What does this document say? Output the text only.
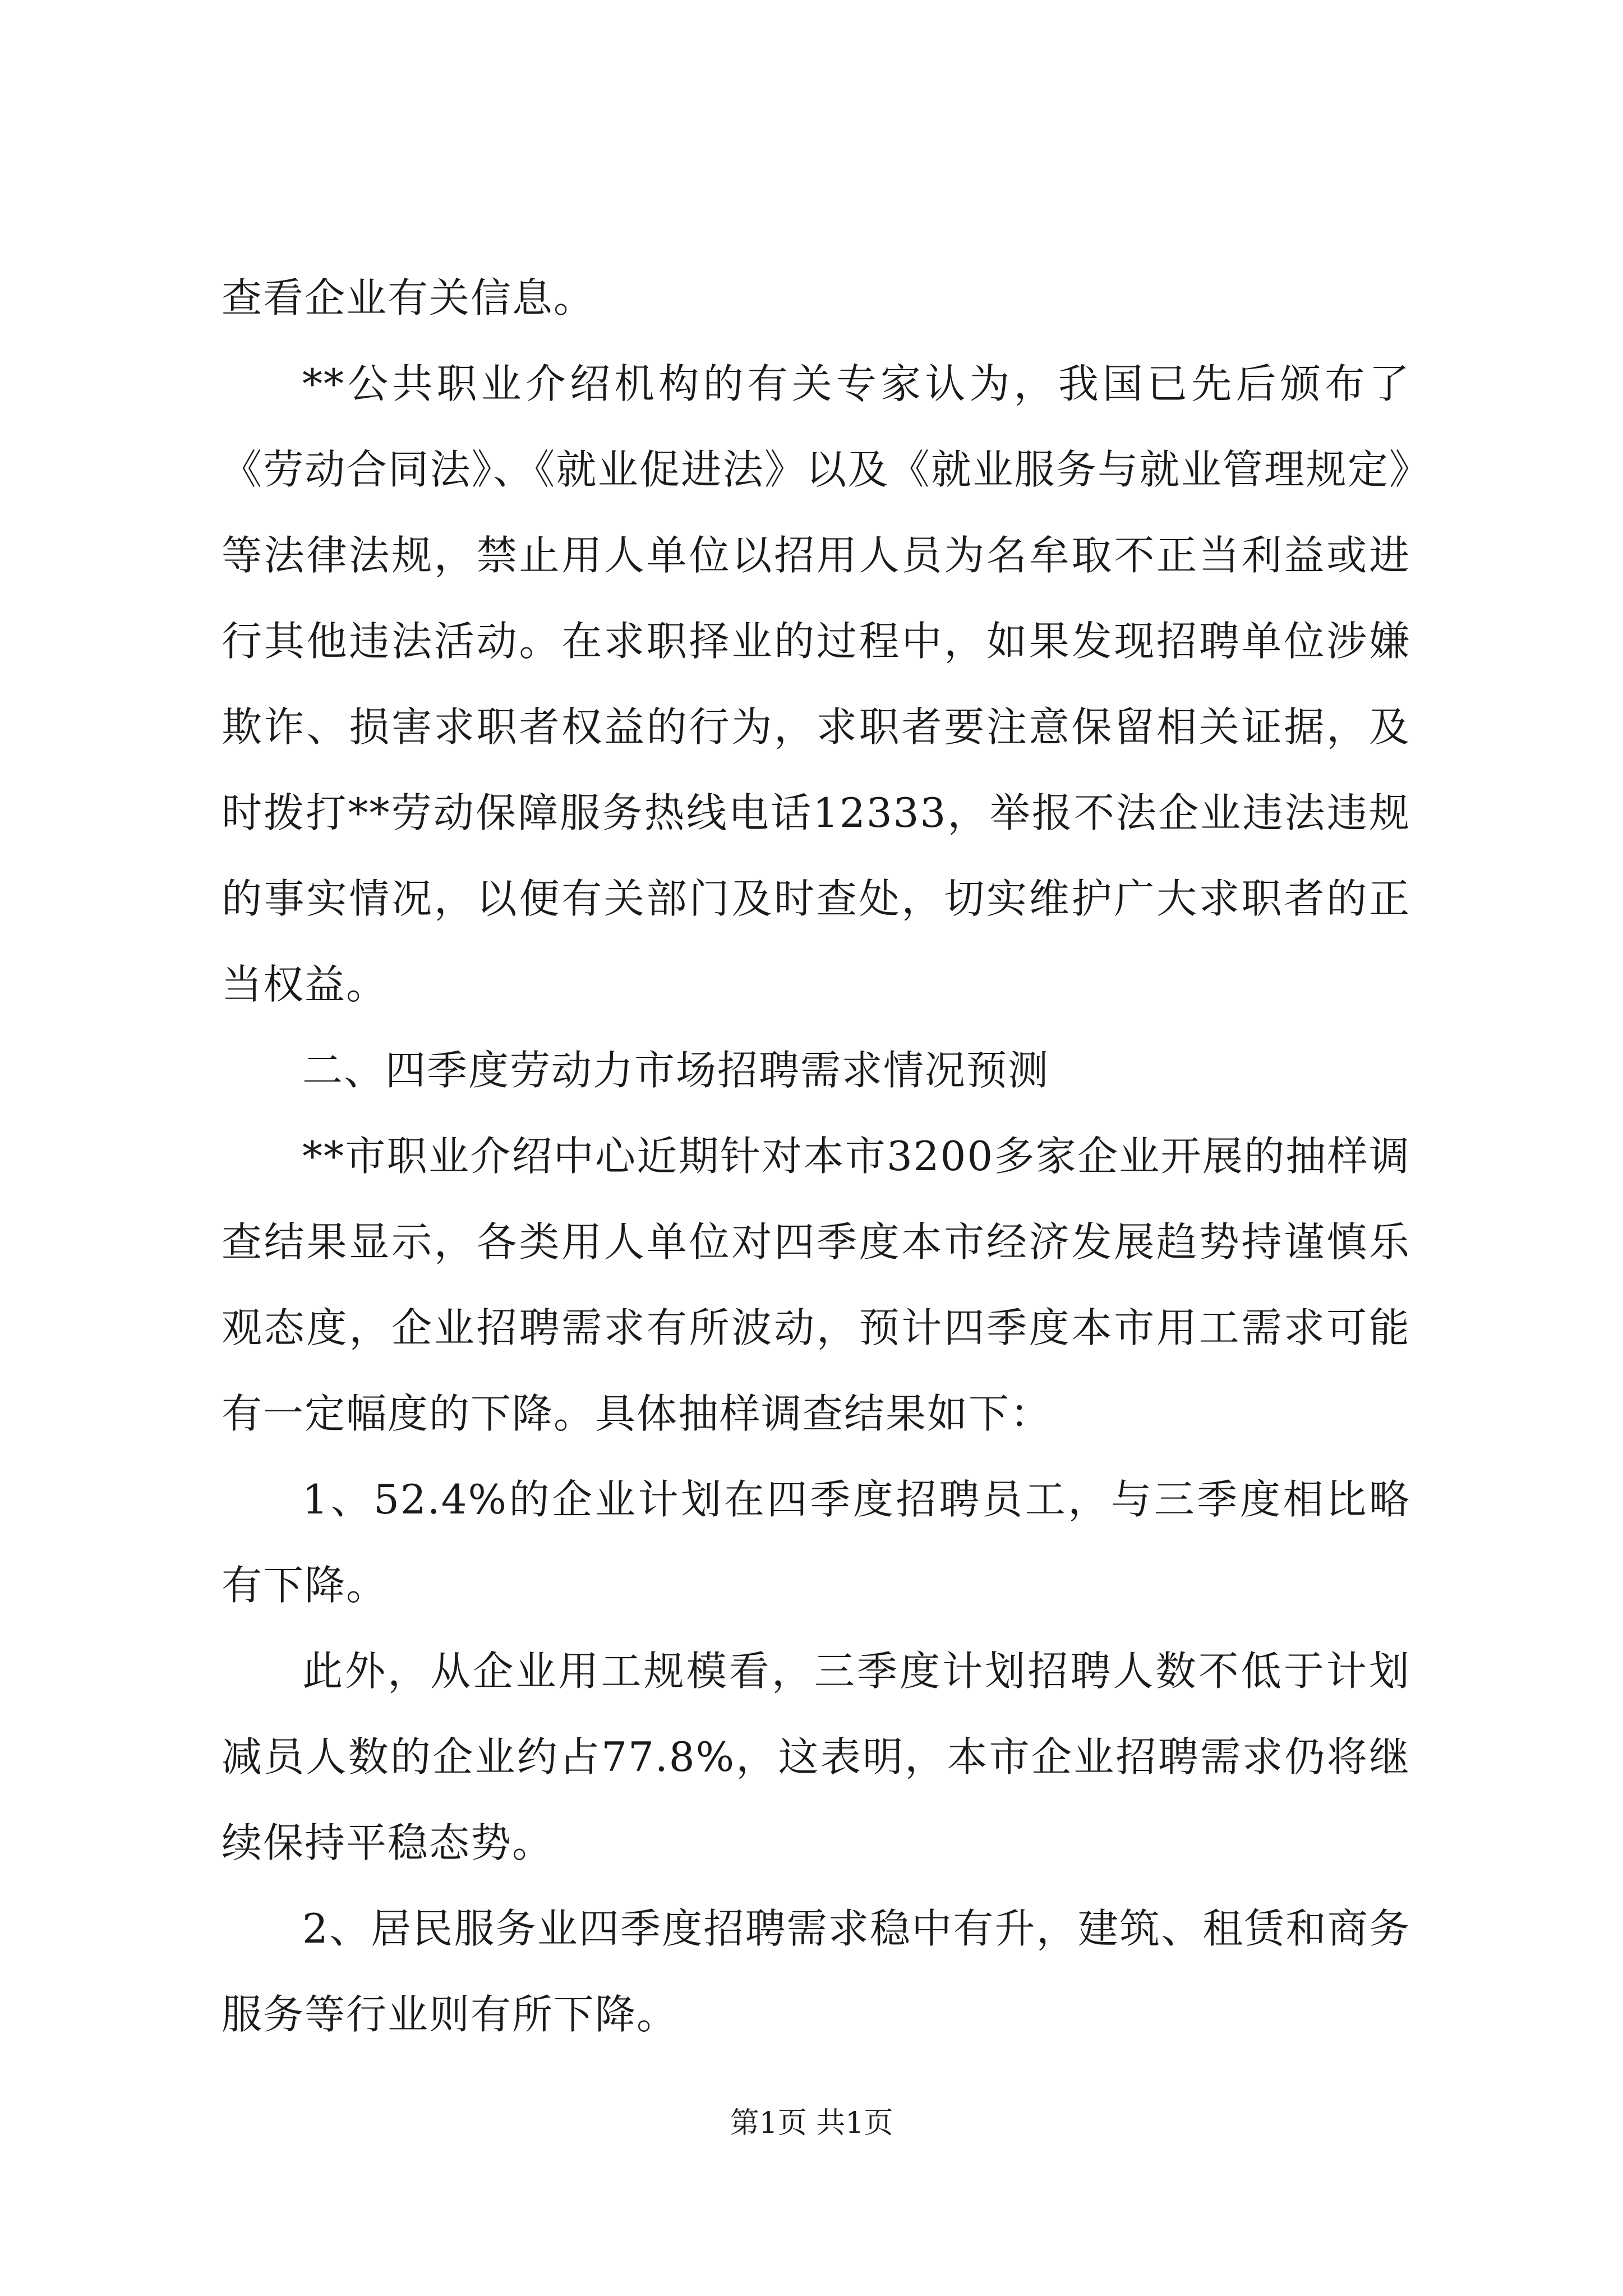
查看企业有关信息。

**公共职业介绍机构的有关专家认为，我国已先后颁布了《劳动合同法》、《就业促进法》以及《就业服务与就业管理规定》等法律法规，禁止用人单位以招用人员为名牟取不正当利益或进行其他违法活动。在求职择业的过程中，如果发现招聘单位涉嫌欺诈、损害求职者权益的行为，求职者要注意保留相关证据，及时拨打**劳动保障服务热线电话12333，举报不法企业违法违规的事实情况，以便有关部门及时查处，切实维护广大求职者的正当权益。

二、四季度劳动力市场招聘需求情况预测

**市职业介绍中心近期针对本市3200多家企业开展的抽样调查结果显示，各类用人单位对四季度本市经济发展趋势持谨慎乐观态度，企业招聘需求有所波动，预计四季度本市用工需求可能有一定幅度的下降。具体抽样调查结果如下：

1、52.4%的企业计划在四季度招聘员工，与三季度相比略有下降。

此外，从企业用工规模看，三季度计划招聘人数不低于计划减员人数的企业约占77.8%，这表明，本市企业招聘需求仍将继续保持平稳态势。

2、居民服务业四季度招聘需求稳中有升，建筑、租赁和商务服务等行业则有所下降。

第1页 共1页
